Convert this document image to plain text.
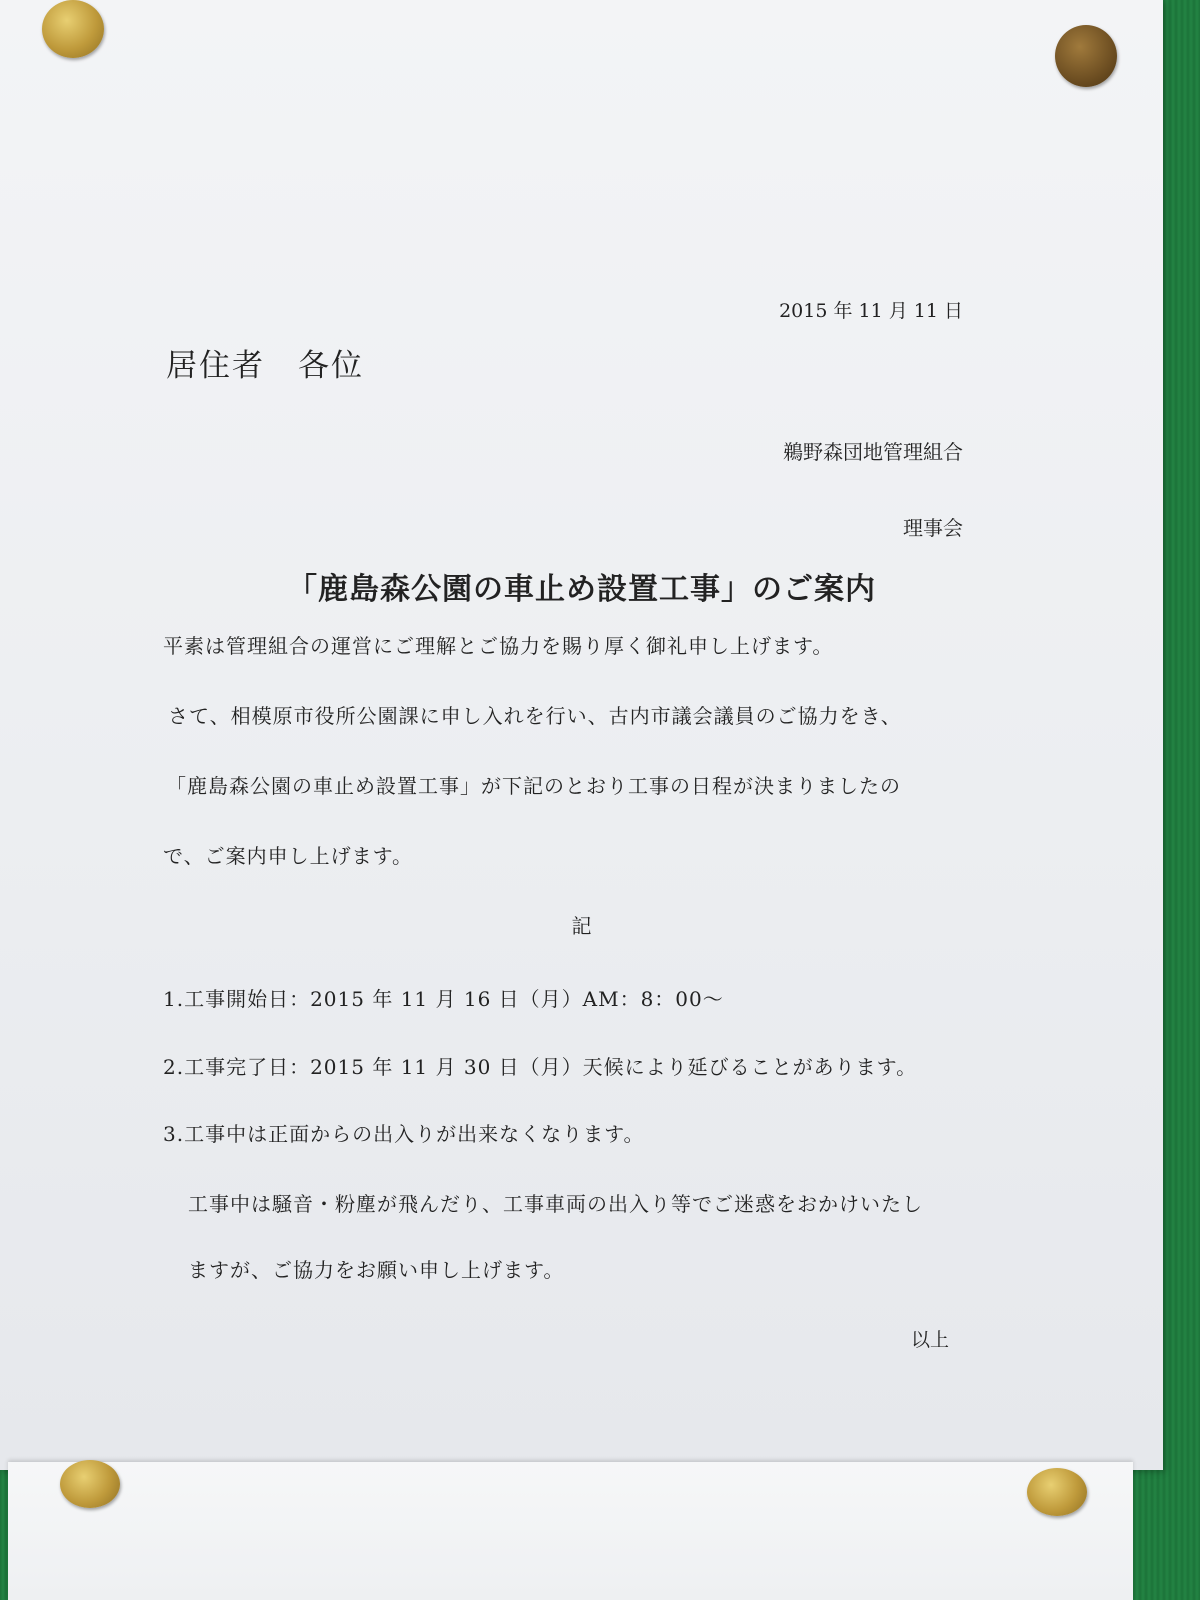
2015 年 11 月 11 日

居住者　各位

鵜野森団地管理組合

理事会

「鹿島森公園の車止め設置工事」のご案内

平素は管理組合の運営にご理解とご協力を賜り厚く御礼申し上げます。

さて、相模原市役所公園課に申し入れを行い、古内市議会議員のご協力をき、

「鹿島森公園の車止め設置工事」が下記のとおり工事の日程が決まりましたの

で、ご案内申し上げます。

記

1.工事開始日：2015 年 11 月 16 日（月）AM：8：00～

2.工事完了日：2015 年 11 月 30 日（月）天候により延びることがあります。

3.工事中は正面からの出入りが出来なくなります。

工事中は騒音・粉塵が飛んだり、工事車両の出入り等でご迷惑をおかけいたし

ますが、ご協力をお願い申し上げます。

以上
